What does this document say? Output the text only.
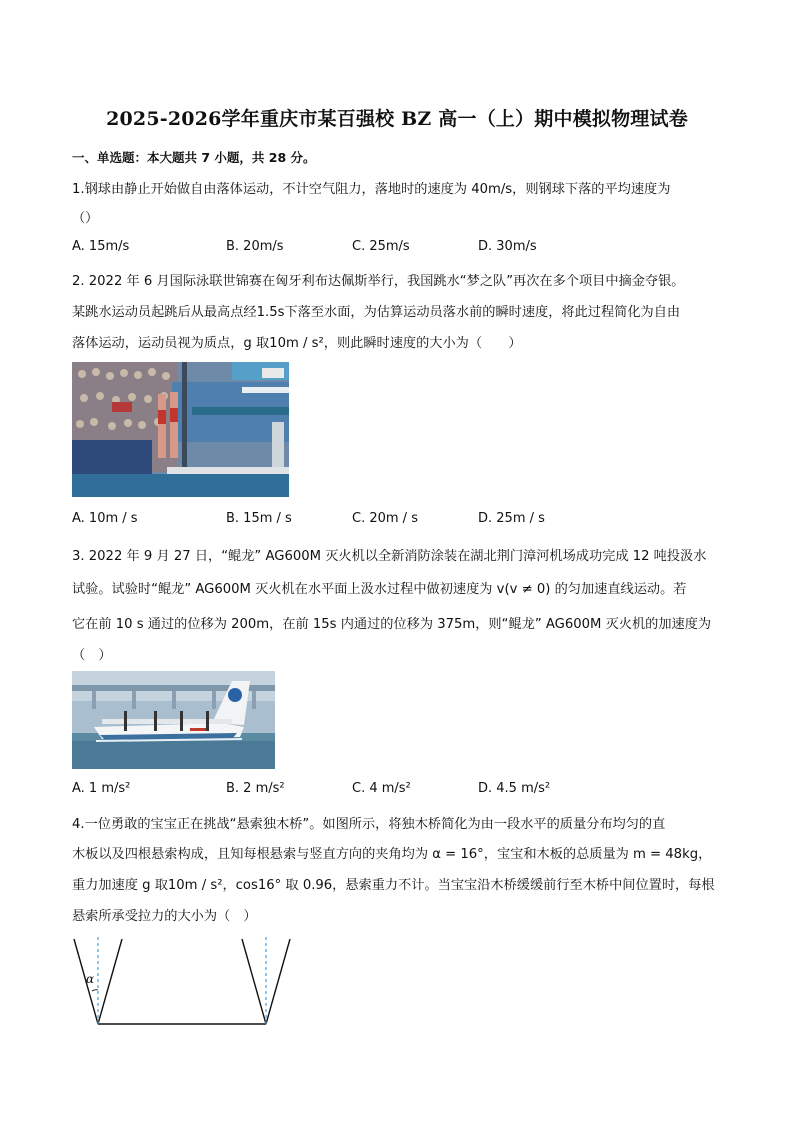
2025-2026学年重庆市某百强校 BZ 高一（上）期中模拟物理试卷
一、单选题：本大题共 7 小题，共 28 分。
1.钢球由静止开始做自由落体运动，不计空气阻力，落地时的速度为 40m/s，则钢球下落的平均速度为
（）
A. 15m/s	B. 20m/s	C. 25m/s	D. 30m/s
2. 2022 年 6 月国际泳联世锦赛在匈牙利布达佩斯举行，我国跳水“梦之队”再次在多个项目中摘金夺银。
某跳水运动员起跳后从最高点经1.5s下落至水面，为估算运动员落水前的瞬时速度，将此过程简化为自由
落体运动，运动员视为质点，g 取10m / s²，则此瞬时速度的大小为（　　）
A. 10m / s	B. 15m / s	C. 20m / s	D. 25m / s
3. 2022 年 9 月 27 日，“鲲龙” AG600M 灭火机以全新消防涂装在湖北荆门漳河机场成功完成 12 吨投汲水
试验。试验时“鲲龙” AG600M 灭火机在水平面上汲水过程中做初速度为 v(v ≠ 0) 的匀加速直线运动。若
它在前 10 s 通过的位移为 200m，在前 15s 内通过的位移为 375m，则“鲲龙” AG600M 灭火机的加速度为
（　）
A. 1 m/s²	B. 2 m/s²	C. 4 m/s²	D. 4.5 m/s²
4.一位勇敢的宝宝正在挑战“悬索独木桥”。如图所示，将独木桥简化为由一段水平的质量分布均匀的直
木板以及四根悬索构成，且知每根悬索与竖直方向的夹角均为 α = 16°，宝宝和木板的总质量为 m = 48kg，
重力加速度 g 取10m / s²，cos16° 取 0.96，悬索重力不计。当宝宝沿木桥缓缓前行至木桥中间位置时，每根
悬索所承受拉力的大小为（　）
α
